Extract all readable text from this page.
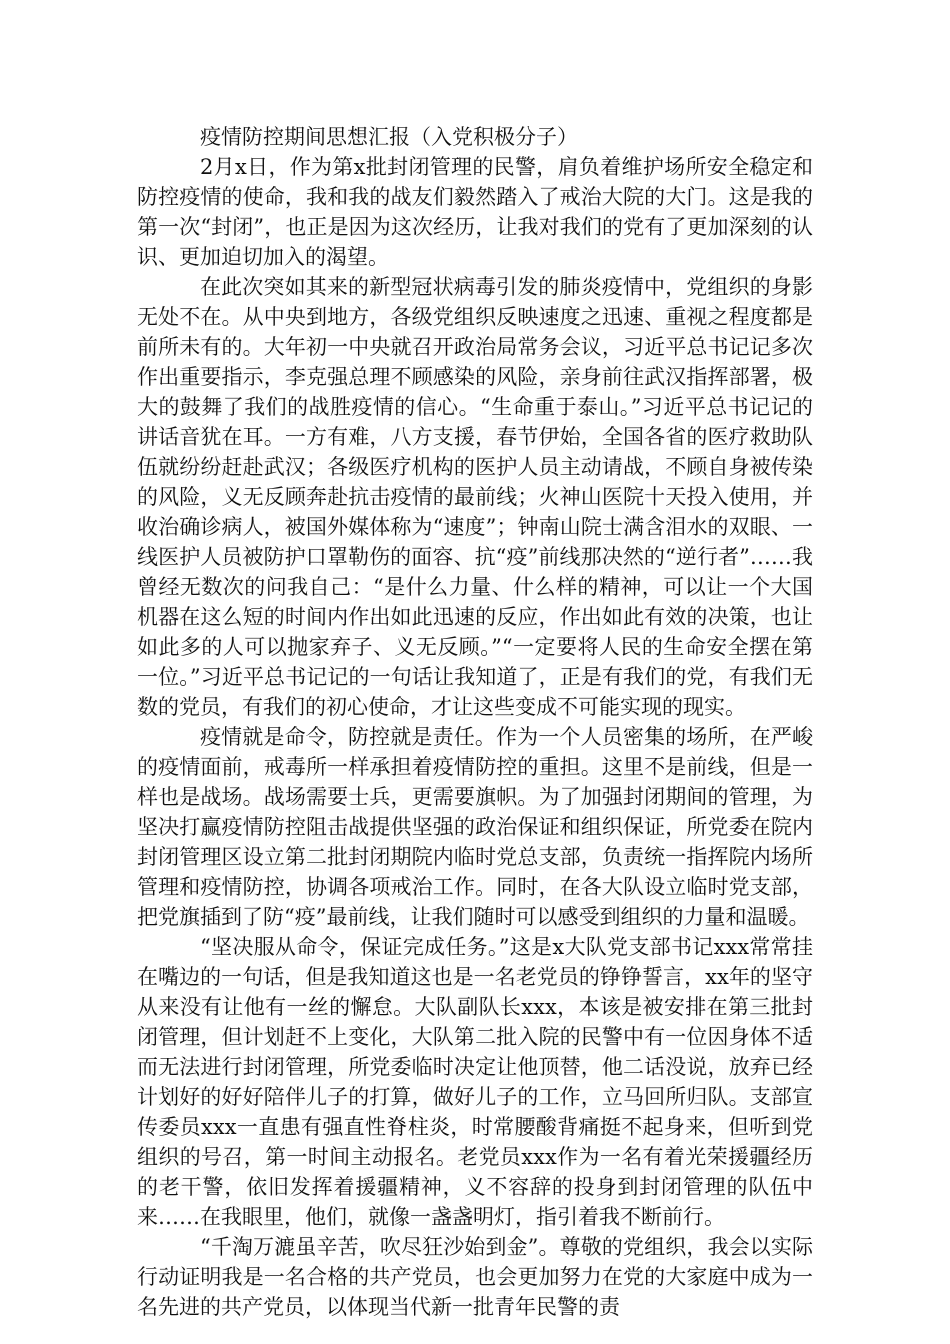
疫情防控期间思想汇报（入党积极分子）

2月x日，作为第x批封闭管理的民警，肩负着维护场所安全稳定和防控疫情的使命，我和我的战友们毅然踏入了戒治大院的大门。这是我的第一次“封闭”，也正是因为这次经历，让我对我们的党有了更加深刻的认识、更加迫切加入的渴望。

在此次突如其来的新型冠状病毒引发的肺炎疫情中，党组织的身影无处不在。从中央到地方，各级党组织反映速度之迅速、重视之程度都是前所未有的。大年初一中央就召开政治局常务会议，习近平总书记记多次作出重要指示，李克强总理不顾感染的风险，亲身前往武汉指挥部署，极大的鼓舞了我们的战胜疫情的信心。“生命重于泰山。”习近平总书记记的讲话音犹在耳。一方有难，八方支援，春节伊始，全国各省的医疗救助队伍就纷纷赶赴武汉；各级医疗机构的医护人员主动请战，不顾自身被传染的风险，义无反顾奔赴抗击疫情的最前线；火神山医院十天投入使用，并收治确诊病人，被国外媒体称为“速度”；钟南山院士满含泪水的双眼、一线医护人员被防护口罩勒伤的面容、抗“疫”前线那决然的“逆行者”……我曾经无数次的问我自己：“是什么力量、什么样的精神，可以让一个大国机器在这么短的时间内作出如此迅速的反应，作出如此有效的决策，也让如此多的人可以抛家弃子、义无反顾。”“一定要将人民的生命安全摆在第一位。”习近平总书记记的一句话让我知道了，正是有我们的党，有我们无数的党员，有我们的初心使命，才让这些变成不可能实现的现实。

疫情就是命令，防控就是责任。作为一个人员密集的场所，在严峻的疫情面前，戒毒所一样承担着疫情防控的重担。这里不是前线，但是一样也是战场。战场需要士兵，更需要旗帜。为了加强封闭期间的管理，为坚决打赢疫情防控阻击战提供坚强的政治保证和组织保证，所党委在院内封闭管理区设立第二批封闭期院内临时党总支部，负责统一指挥院内场所管理和疫情防控，协调各项戒治工作。同时，在各大队设立临时党支部，把党旗插到了防“疫”最前线，让我们随时可以感受到组织的力量和温暖。

“坚决服从命令，保证完成任务。”这是x大队党支部书记xxx常常挂在嘴边的一句话，但是我知道这也是一名老党员的铮铮誓言，xx年的坚守从来没有让他有一丝的懈怠。大队副队长xxx，本该是被安排在第三批封闭管理，但计划赶不上变化，大队第二批入院的民警中有一位因身体不适而无法进行封闭管理，所党委临时决定让他顶替，他二话没说，放弃已经计划好的好好陪伴儿子的打算，做好儿子的工作，立马回所归队。支部宣传委员xxx一直患有强直性脊柱炎，时常腰酸背痛挺不起身来，但听到党组织的号召，第一时间主动报名。老党员xxx作为一名有着光荣援疆经历的老干警，依旧发挥着援疆精神，义不容辞的投身到封闭管理的队伍中来……在我眼里，他们，就像一盏盏明灯，指引着我不断前行。

“千淘万漉虽辛苦，吹尽狂沙始到金”。尊敬的党组织，我会以实际行动证明我是一名合格的共产党员，也会更加努力在党的大家庭中成为一名先进的共产党员，以体现当代新一批青年民警的责
